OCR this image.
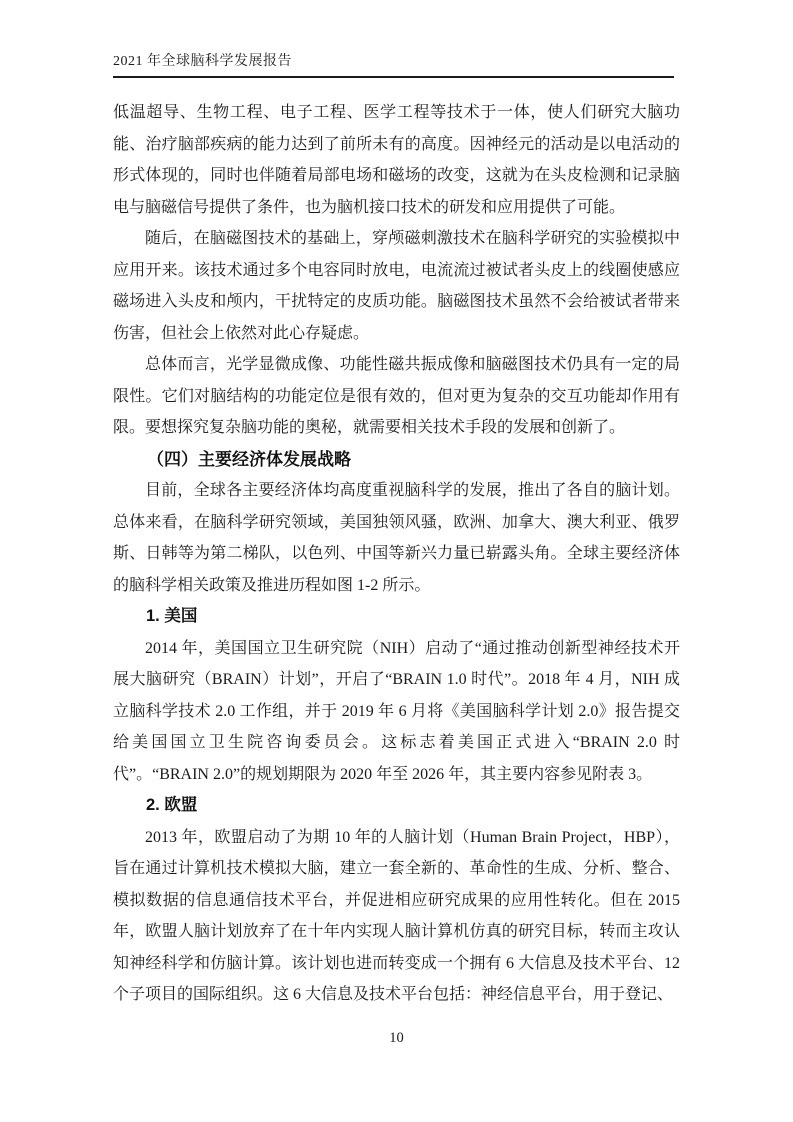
2021 年全球脑科学发展报告

低温超导、生物工程、电子工程、医学工程等技术于一体，使人们研究大脑功能、治疗脑部疾病的能力达到了前所未有的高度。因神经元的活动是以电活动的形式体现的，同时也伴随着局部电场和磁场的改变，这就为在头皮检测和记录脑电与脑磁信号提供了条件，也为脑机接口技术的研发和应用提供了可能。

随后，在脑磁图技术的基础上，穿颅磁刺激技术在脑科学研究的实验模拟中应用开来。该技术通过多个电容同时放电，电流流过被试者头皮上的线圈使感应磁场进入头皮和颅内，干扰特定的皮质功能。脑磁图技术虽然不会给被试者带来伤害，但社会上依然对此心存疑虑。

总体而言，光学显微成像、功能性磁共振成像和脑磁图技术仍具有一定的局限性。它们对脑结构的功能定位是很有效的，但对更为复杂的交互功能却作用有限。要想探究复杂脑功能的奥秘，就需要相关技术手段的发展和创新了。

（四）主要经济体发展战略

目前，全球各主要经济体均高度重视脑科学的发展，推出了各自的脑计划。总体来看，在脑科学研究领域，美国独领风骚，欧洲、加拿大、澳大利亚、俄罗斯、日韩等为第二梯队，以色列、中国等新兴力量已崭露头角。全球主要经济体的脑科学相关政策及推进历程如图 1-2 所示。

1. 美国

2014 年，美国国立卫生研究院（NIH）启动了“通过推动创新型神经技术开展大脑研究（BRAIN）计划”，开启了“BRAIN 1.0 时代”。2018 年 4 月，NIH 成立脑科学技术 2.0 工作组，并于 2019 年 6 月将《美国脑科学计划 2.0》报告提交给美国国立卫生院咨询委员会。这标志着美国正式进入“BRAIN 2.0 时代”。“BRAIN 2.0”的规划期限为 2020 年至 2026 年，其主要内容参见附表 3。

2. 欧盟

2013 年，欧盟启动了为期 10 年的人脑计划（Human Brain Project，HBP），旨在通过计算机技术模拟大脑，建立一套全新的、革命性的生成、分析、整合、模拟数据的信息通信技术平台，并促进相应研究成果的应用性转化。但在 2015 年，欧盟人脑计划放弃了在十年内实现人脑计算机仿真的研究目标，转而主攻认知神经科学和仿脑计算。该计划也进而转变成一个拥有 6 大信息及技术平台、12 个子项目的国际组织。这 6 大信息及技术平台包括：神经信息平台，用于登记、

10
